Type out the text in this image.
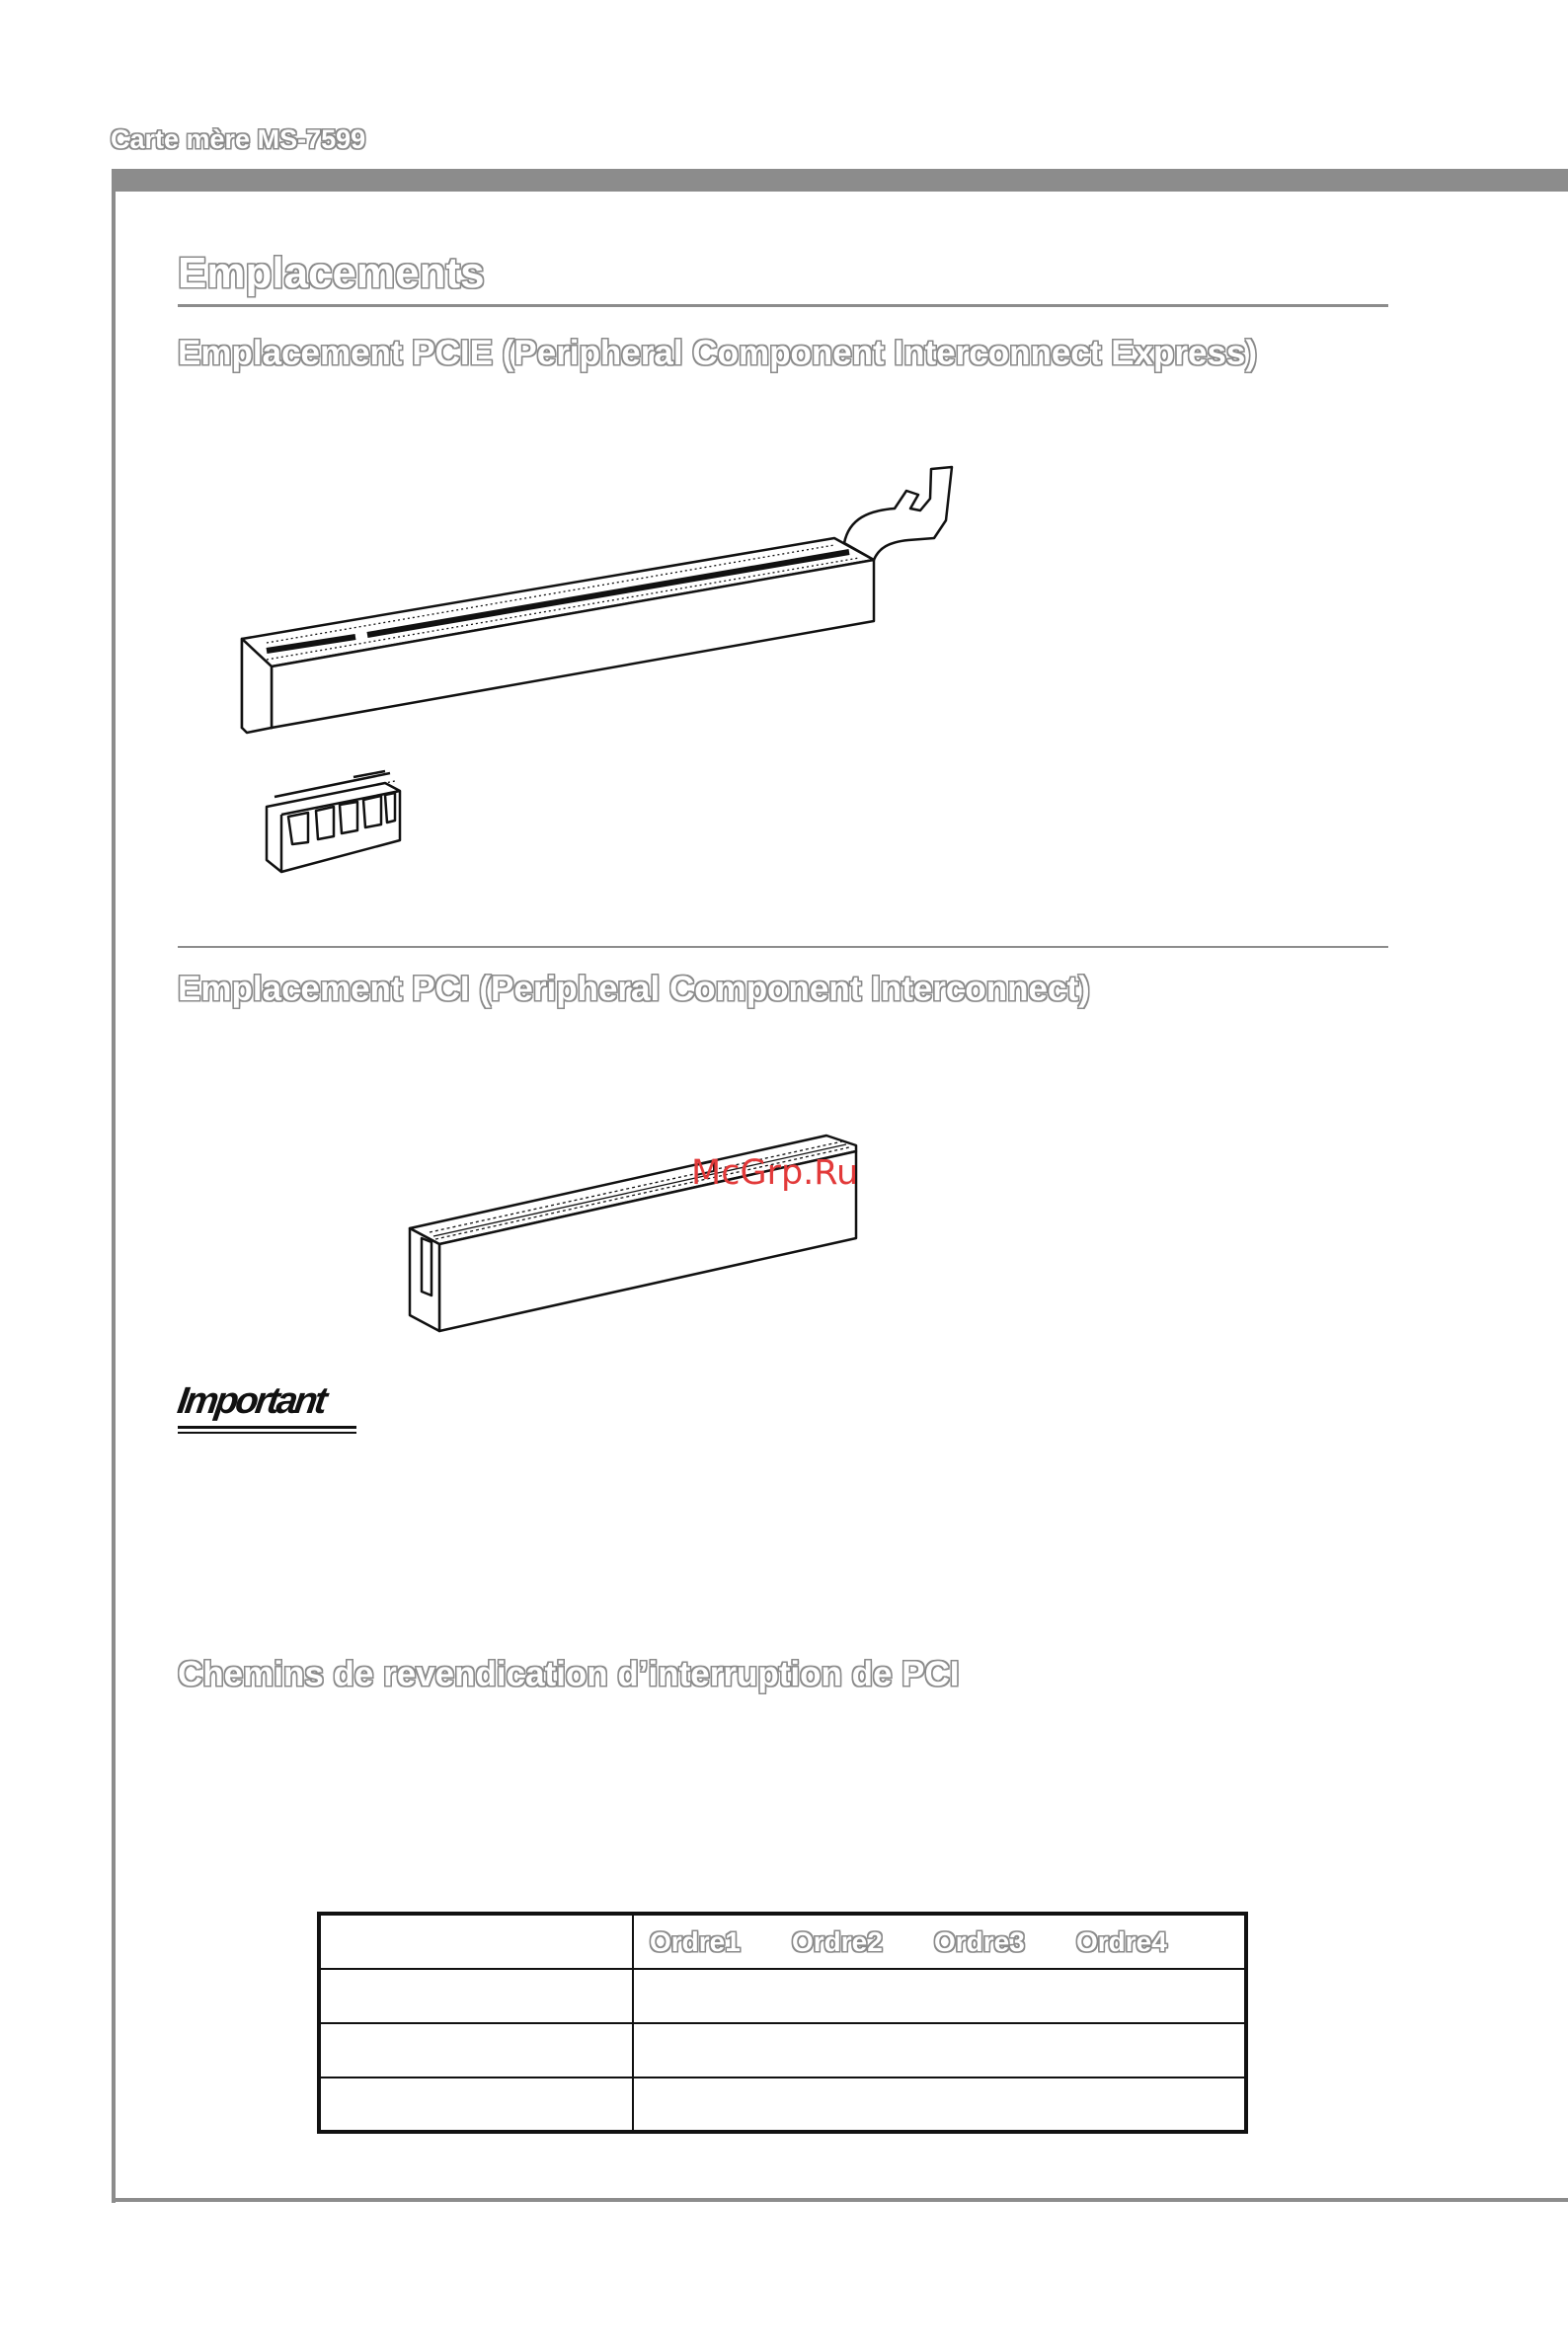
Carte mère MS-7599
Emplacements
Emplacement PCIE (Peripheral Component Interconnect Express)
Emplacement PCI (Peripheral Component Interconnect)
McGrp.Ru
Important
Chemins de revendication d’interruption de PCI
	Ordre1 Ordre2 Ordre3 Ordre4
